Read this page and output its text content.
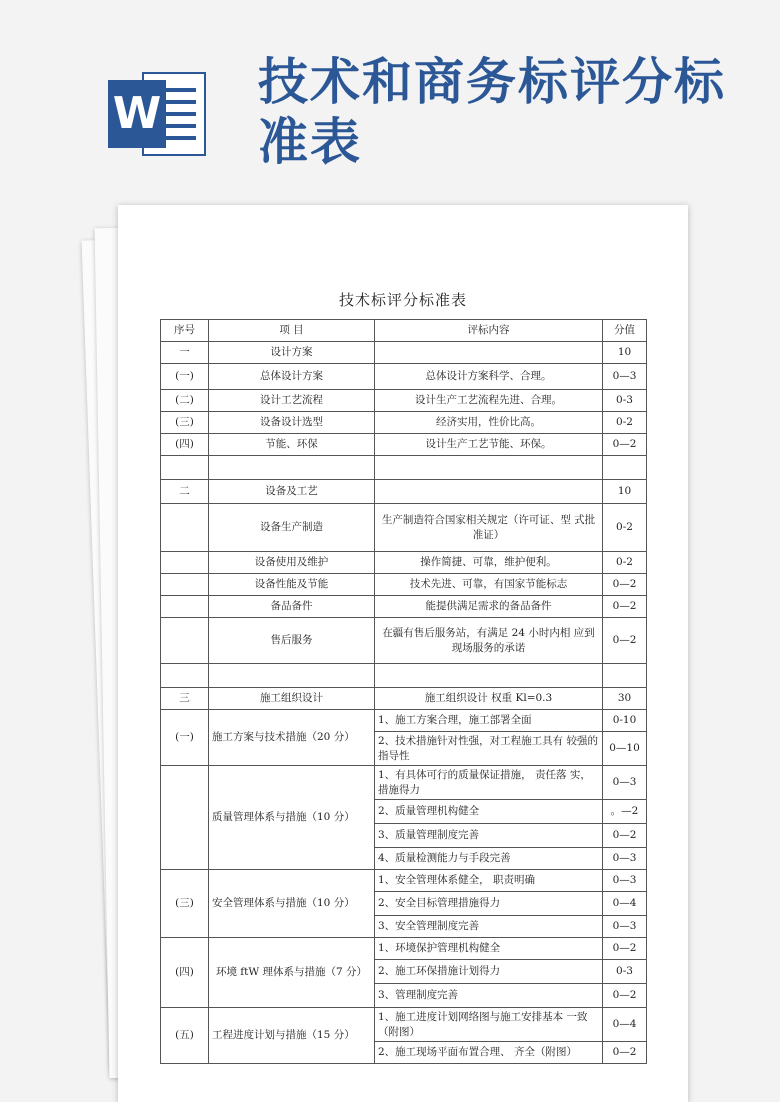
W
技术和商务标评分标准表
技术标评分标准表
序号	项 目	评标内容	分值
一	设计方案		10
(一)	总体设计方案	总体设计方案科学、合理。	0—3
(二)	设计工艺流程	设计生产工艺流程先进、合理。	0-3
(三)	设备设计选型	经济实用，性价比高。	0-2
(四)	节能、环保	设计生产工艺节能、环保。	0—2

二	设备及工艺		10
	设备生产制造	生产制造符合国家相关规定（许可证、型 式批准证）	0-2
	设备使用及维护	操作简捷、可靠，维护便利。	0-2
	设备性能及节能	技术先进、可靠，有国家节能标志	0—2
	备品备件	能提供满足需求的备品备件	0—2
	售后服务	在疆有售后服务站，有满足 24 小时内相 应到现场服务的承诺	0—2

三	施工组织设计	施工组织设计 权重 Kl=0.3	30
(一)	施工方案与技术措施（20 分）	1、施工方案合理，施工部署全面	0-10
		2、技术措施针对性强，对工程施工具有 较强的指导性	0—10
	质量管理体系与措施（10 分）	1、有具体可行的质量保证措施， 责任落 实，措施得力	0—3
		2、质量管理机构健全	。—2
		3、质量管理制度完善	0—2
		4、质量检测能力与手段完善	0—3
(三)	安全管理体系与措施（10 分）	1、安全管理体系健全， 职责明确	0—3
		2、安全目标管理措施得力	0—4
		3、安全管理制度完善	0—3
(四)	环境 ftW 理体系与措施（7 分）	1、环境保护管理机构健全	0—2
		2、施工环保措施计划得力	0-3
		3、管理制度完善	0—2
(五)	工程进度计划与措施（15 分）	1、施工进度计划网络图与施工安排基本 一致（附图）	0—4
		2、施工现场平面布置合理、 齐全（附图）	0—2
